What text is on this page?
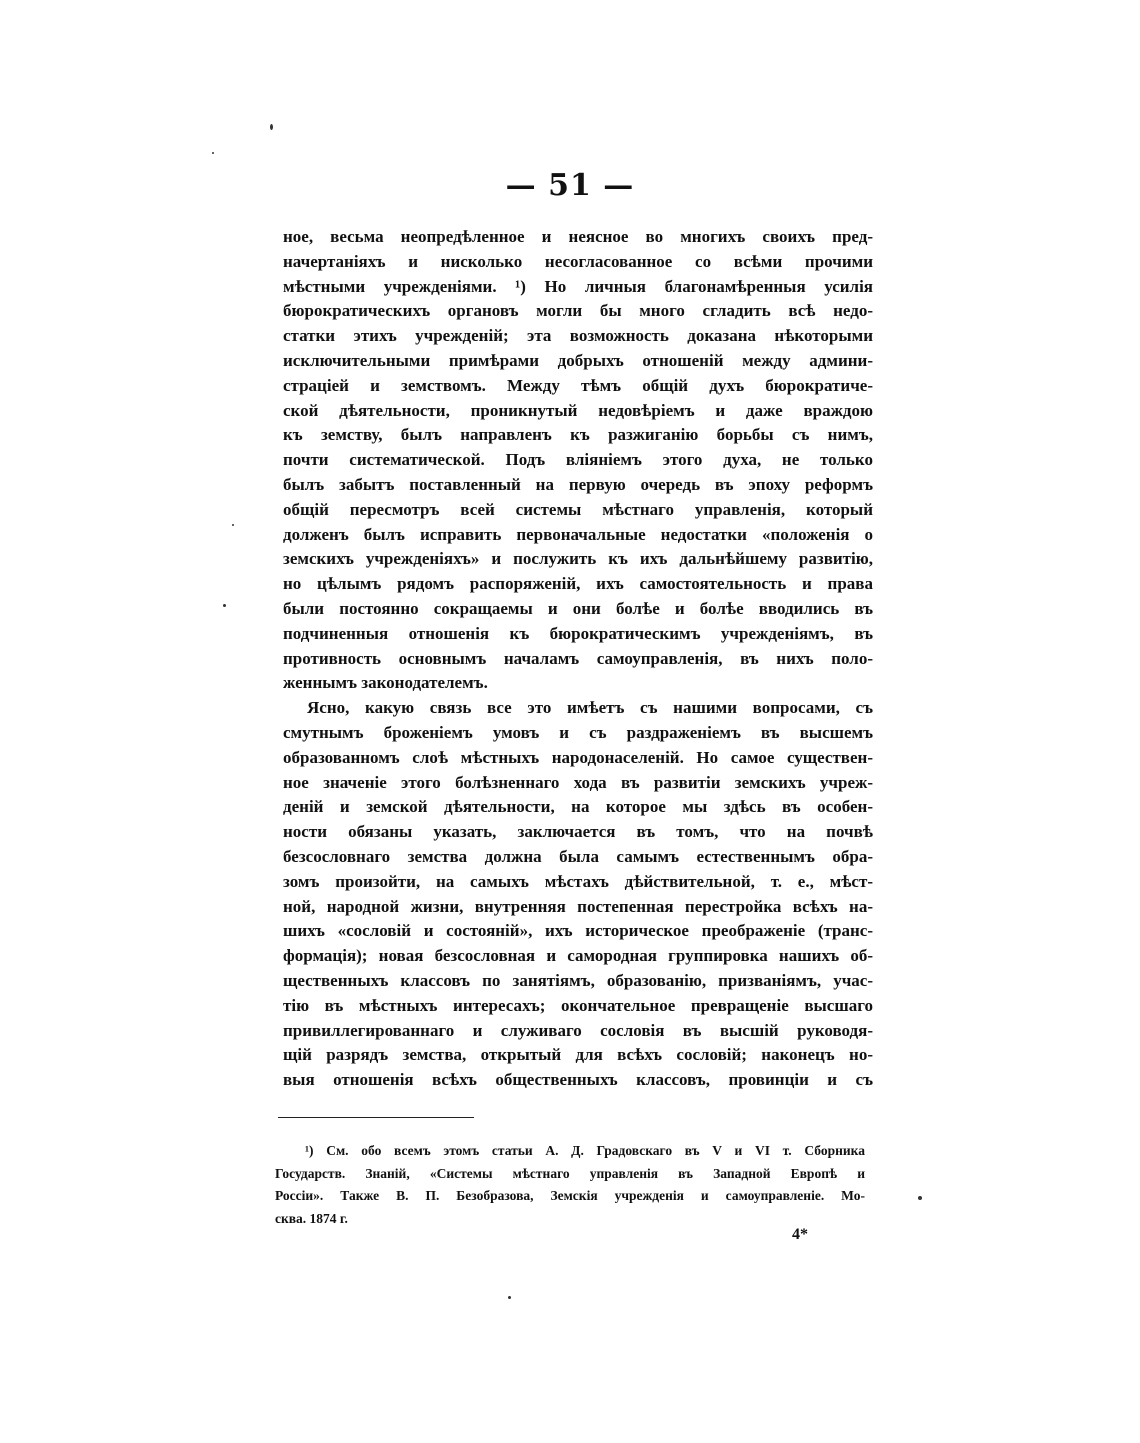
— 51 —
ное, весьма неопредѣленное и неясное во многихъ своихъ пред-
начертаніяхъ и нисколько несогласованное со всѣми прочими
мѣстными учрежденіями. ¹) Но личныя благонамѣренныя усилія
бюрократическихъ органовъ могли бы много сгладить всѣ недо-
статки этихъ учрежденій; эта возможность доказана нѣкоторыми
исключительными примѣрами добрыхъ отношеній между админи-
страціей и земствомъ. Между тѣмъ общій духъ бюрократиче-
ской дѣятельности, проникнутый недовѣріемъ и даже враждою
къ земству, былъ направленъ къ разжиганію борьбы съ нимъ,
почти систематической. Подъ вліяніемъ этого духа, не только
былъ забытъ поставленный на первую очередь въ эпоху реформъ
общій пересмотръ всей системы мѣстнаго управленія, который
долженъ былъ исправить первоначальные недостатки «положенія о
земскихъ учрежденіяхъ» и послужить къ ихъ дальнѣйшему развитію,
но цѣлымъ рядомъ распоряженій, ихъ самостоятельность и права
были постоянно сокращаемы и они болѣе и болѣе вводились въ
подчиненныя отношенія къ бюрократическимъ учрежденіямъ, въ
противность основнымъ началамъ самоуправленія, въ нихъ поло-
женнымъ законодателемъ.
Ясно, какую связь все это имѣетъ съ нашими вопросами, съ
смутнымъ броженіемъ умовъ и съ раздраженіемъ въ высшемъ
образованномъ слоѣ мѣстныхъ народонаселеній. Но самое существен-
ное значеніе этого болѣзненнаго хода въ развитіи земскихъ учреж-
деній и земской дѣятельности, на которое мы здѣсь въ особен-
ности обязаны указать, заключается въ томъ, что на почвѣ
безсословнаго земства должна была самымъ естественнымъ обра-
зомъ произойти, на самыхъ мѣстахъ дѣйствительной, т. е., мѣст-
ной, народной жизни, внутренняя постепенная перестройка всѣхъ на-
шихъ «сословій и состояній», ихъ историческое преображеніе (транс-
формація); новая безсословная и самородная группировка нашихъ об-
щественныхъ классовъ по занятіямъ, образованію, призваніямъ, учас-
тію въ мѣстныхъ интересахъ; окончательное превращеніе высшаго
привиллегированнаго и служиваго сословія въ высшій руководя-
щій разрядъ земства, открытый для всѣхъ сословій; наконецъ но-
выя отношенія всѣхъ общественныхъ классовъ, провинціи и съ
¹) См. обо всемъ этомъ статьи А. Д. Градовскаго въ V и VI т. Сборника
Государств. Знаній, «Системы мѣстнаго управленія въ Западной Европѣ и
Россіи». Также В. П. Безобразова, Земскія учрежденія и самоуправленіе. Мо-
сква. 1874 г.
4*
